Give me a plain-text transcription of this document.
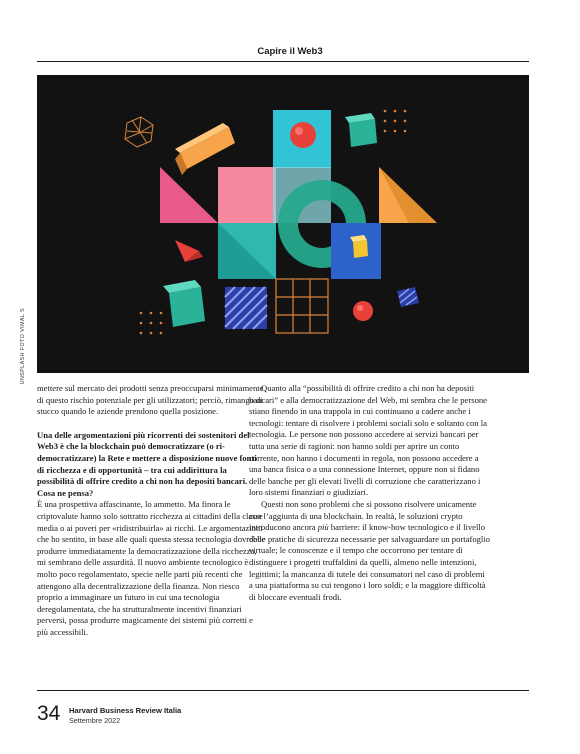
Capire il Web3
UNSPLASH FOTO VIMAL S

mettere sul mercato dei prodotti senza preoccuparsi minimamente di questo rischio potenziale per gli utilizzatori; perciò, rimango di stucco quando le aziende prendono quella posizione.

Una delle argomentazioni più ricorrenti dei sostenitori del Web3 è che la blockchain può democratizzare (o ri-democratizzare) la Rete e mettere a disposizione nuove fonti di ricchezza e di opportunità – tra cui addirittura la possibilità di offrire credito a chi non ha depositi bancari. Cosa ne pensa?

È una prospettiva affascinante, lo ammetto. Ma finora le criptovalute hanno solo sottratto ricchezza ai cittadini della classe media o ai poveri per «ridistribuirla» ai ricchi. Le argomentazioni che ho sentito, in base alle quali questa stessa tecnologia dovrebbe produrre immediatamente la democratizzazione della ricchezza, mi sembrano delle assurdità. Il nuovo ambiente tecnologico è molto poco regolamentato, specie nelle parti più recenti che attengono alla decentralizzazione della finanza. Non riesco proprio a immaginare un futuro in cui una tecnologia deregolamentata, che ha strutturalmente incentivi finanziari perversi, possa produrre magicamente dei sistemi più corretti e più accessibili.

Quanto alla “possibilità di offrire credito a chi non ha depositi bancari” e alla democratizzazione del Web, mi sembra che le persone stiano finendo in una trappola in cui continuano a cadere anche i tecnologi: tentare di risolvere i problemi sociali solo e soltanto con la tecnologia. Le persone non possono accedere ai servizi bancari per tutta una serie di ragioni: non hanno soldi per aprire un conto corrente, non hanno i documenti in regola, non possono accedere a una banca fisica o a una connessione Internet, oppure non si fidano delle banche per gli elevati livelli di corruzione che caratterizzano i loro sistemi finanziari o giudiziari.

Questi non sono problemi che si possono risolvere unicamente con l’aggiunta di una blockchain. In realtà, le soluzioni crypto introducono ancora più barriere: il know-how tecnologico e il livello delle pratiche di sicurezza necessarie per salvaguardare un portafoglio virtuale; le conoscenze e il tempo che occorrono per tentare di distinguere i progetti truffaldini da quelli, almeno nelle intenzioni, legittimi; la mancanza di tutele dei consumatori nel caso di problemi a una piattaforma su cui tengono i loro soldi; e la maggiore difficoltà di bloccare eventuali frodi.

34 Harvard Business Review Italia
Settembre 2022
